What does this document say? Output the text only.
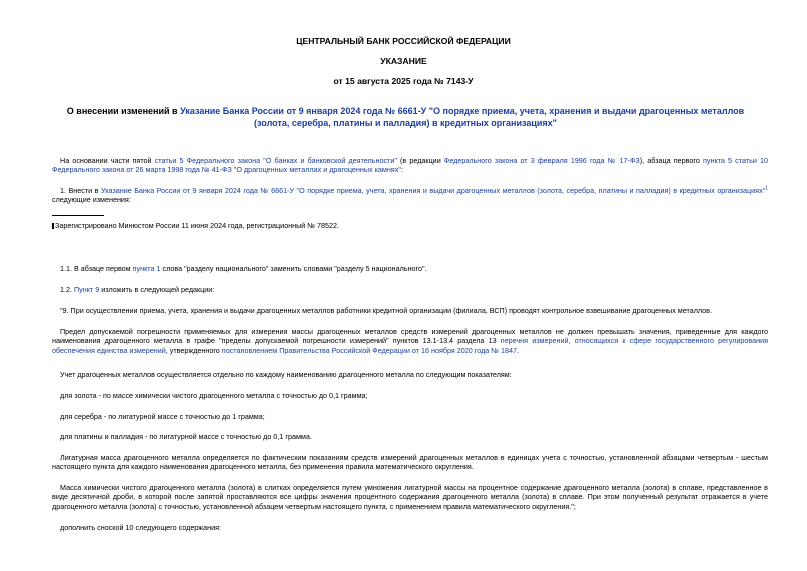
ЦЕНТРАЛЬНЫЙ БАНК РОССИЙСКОЙ ФЕДЕРАЦИИ
УКАЗАНИЕ
от 15 августа 2025 года № 7143-У
О внесении изменений в Указание Банка России от 9 января 2024 года № 6661-У "О порядке приема, учета, хранения и выдачи драгоценных металлов (золота, серебра, платины и палладия) в кредитных организациях"
На основании части пятой статьи 5 Федерального закона "О банках и банковской деятельности" (в редакции Федерального закона от 3 февраля 1996 года № 17-ФЗ), абзаца первого пункта 5 статьи 10 Федерального закона от 26 марта 1998 года № 41-ФЗ "О драгоценных металлах и драгоценных камнях":
1. Внести в Указание Банка России от 9 января 2024 года № 6661-У "О порядке приема, учета, хранения и выдачи драгоценных металлов (золота, серебра, платины и палладия) в кредитных организациях"$^1$ следующие изменения:
Зарегистрировано Минюстом России 11 июня 2024 года, регистрационный № 78522.
1.1. В абзаце первом пункта 1 слова "разделу национального" заменить словами "разделу 5 национального".
1.2. Пункт 9 изложить в следующей редакции:
"9. При осуществлении приема, учета, хранения и выдачи драгоценных металлов работники кредитной организации (филиала, ВСП) проводят контрольное взвешивание драгоценных металлов.
Предел допускаемой погрешности применяемых для измерения массы драгоценных металлов средств измерений драгоценных металлов не должен превышать значения, приведенные для каждого наименования драгоценного металла в графе "пределы допускаемой погрешности измерений" пунктов 13.1-13.4 раздела 13 перечня измерений, относящихся к сфере государственного регулирования обеспечения единства измерений, утвержденного постановлением Правительства Российской Федерации от 16 ноября 2020 года № 1847.
Учет драгоценных металлов осуществляется отдельно по каждому наименованию драгоценного металла по следующим показателям:
для золота - по массе химически чистого драгоценного металла с точностью до 0,1 грамма;
для серебра - по лигатурной массе с точностью до 1 грамма;
для платины и палладия - по лигатурной массе с точностью до 0,1 грамма.
Лигатурная масса драгоценного металла определяется по фактическим показаниям средств измерений драгоценных металлов в единицах учета с точностью, установленной абзацами четвертым - шестым настоящего пункта для каждого наименования драгоценного металла, без применения правила математического округления.
Масса химически чистого драгоценного металла (золота) в слитках определяется путем умножения лигатурной массы на процентное содержание драгоценного металла (золота) в сплаве, представленное в виде десятичной дроби, в которой после запятой проставляются все цифры значения процентного содержания драгоценного металла (золота) в сплаве. При этом полученный результат отражается в учете драгоценного металла (золота) с точностью, установленной абзацем четвертым настоящего пункта, с применением правила математического округления.";
дополнить сноской 10 следующего содержания:
